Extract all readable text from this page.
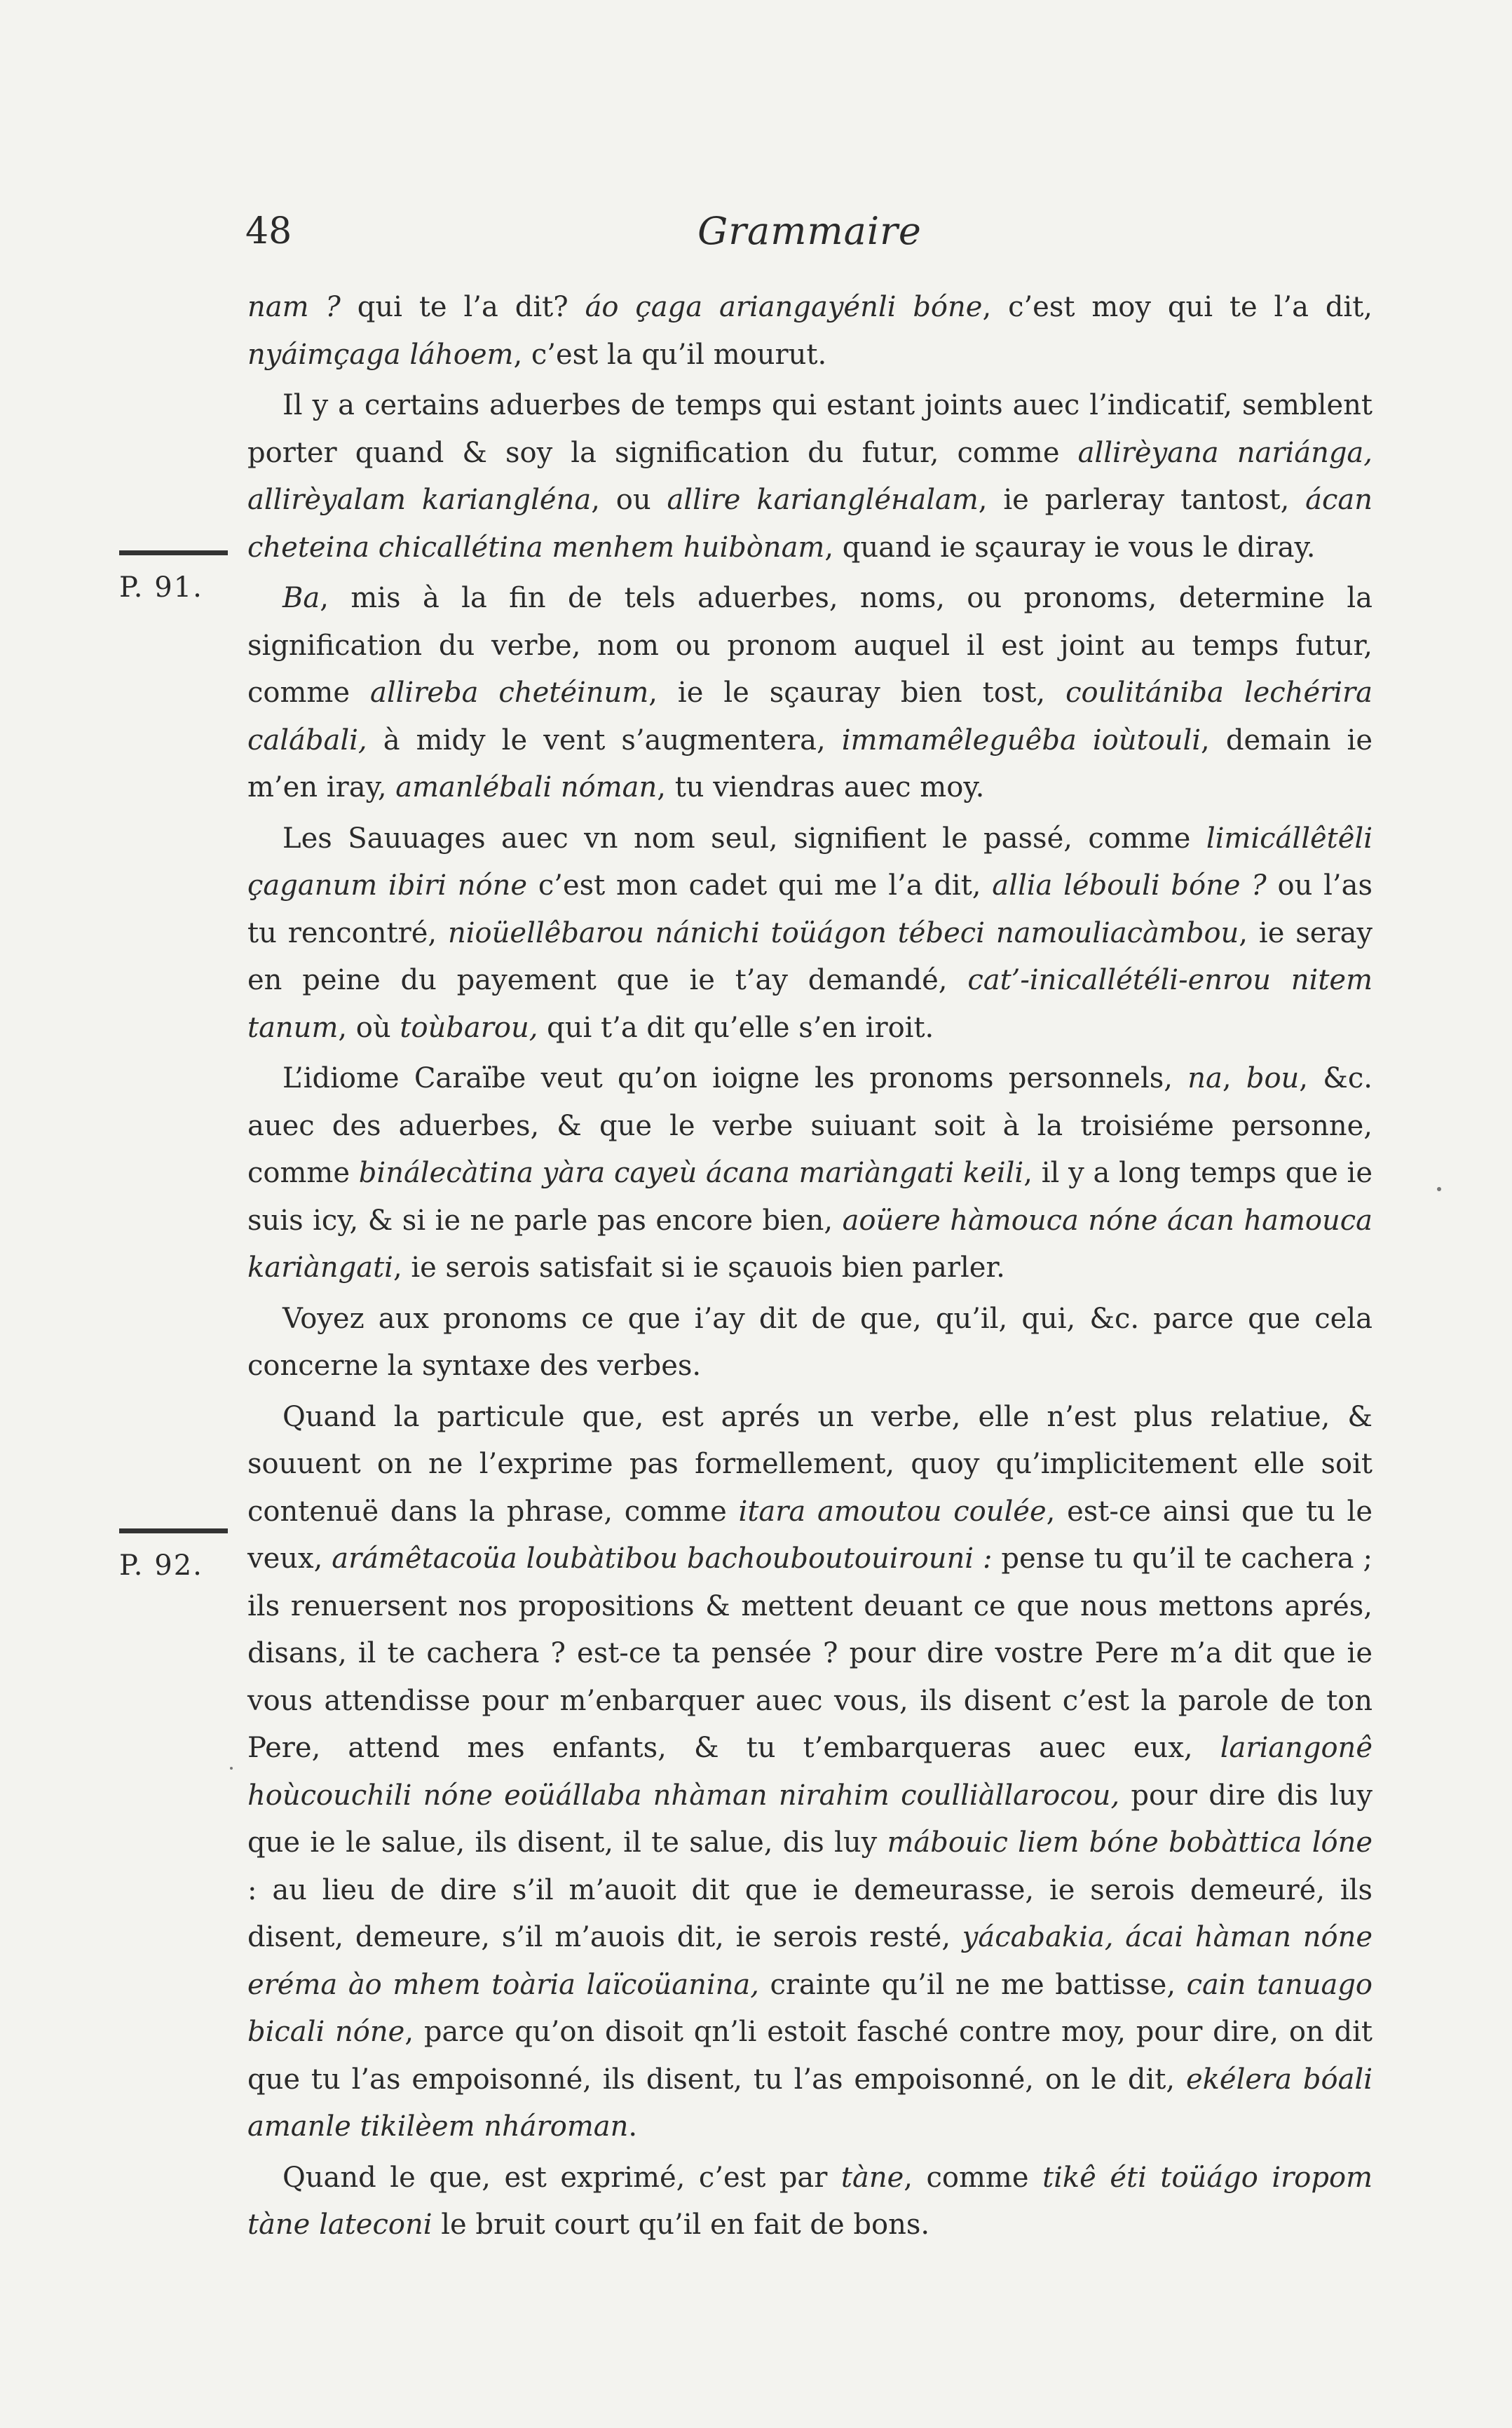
48	Grammaire
P. 91.
P. 92.

nam ? qui te l’a dit? áo çaga ariangayénli bóne, c’est moy qui te l’a dit, nyáimçaga láhoem, c’est la qu’il mourut.

Il y a certains aduerbes de temps qui estant joints auec l’indicatif, semblent porter quand & soy la signification du futur, comme allirèyana nariánga, allirèyalam kariangléna, ou allire kariangléнalam, ie parleray tantost, ácan cheteina chicallétina menhem huibònam, quand ie sçauray ie vous le diray.

Ba, mis à la fin de tels aduerbes, noms, ou pronoms, determine la signification du verbe, nom ou pronom auquel il est joint au temps futur, comme allireba chetéinum, ie le sçauray bien tost, coulitániba lechérira calábali, à midy le vent s’augmentera, immamêleguêba ioùtouli, demain ie m’en iray, amanlébali nóman, tu viendras auec moy.

Les Sauuages auec vn nom seul, signifient le passé, comme limicállêtêli çaganum ibiri nóne c’est mon cadet qui me l’a dit, allia lébouli bóne ? ou l’as tu rencontré, nioüellêbarou nánichi toüágon tébeci namouliacàmbou, ie seray en peine du payement que ie t’ay demandé, cat’-inicallétéli-enrou nitem tanum, où toùbarou, qui t’a dit qu’elle s’en iroit.

L’idiome Caraïbe veut qu’on ioigne les pronoms personnels, na, bou, &c. auec des aduerbes, & que le verbe suiuant soit à la troisiéme personne, comme binálecàtina yàra cayeù ácana mariàngati keili, il y a long temps que ie suis icy, & si ie ne parle pas encore bien, aoüere hàmouca nóne ácan hamouca kariàngati, ie serois satisfait si ie sçauois bien parler.

Voyez aux pronoms ce que i’ay dit de que, qu’il, qui, &c. parce que cela concerne la syntaxe des verbes.

Quand la particule que, est aprés un verbe, elle n’est plus relatiue, & souuent on ne l’exprime pas formellement, quoy qu’implicitement elle soit contenuë dans la phrase, comme itara amoutou coulée, est-ce ainsi que tu le veux, arámêtacoüa loubàtibou bachouboutouirouni : pense tu qu’il te cachera ; ils renuersent nos propositions & mettent deuant ce que nous mettons aprés, disans, il te cachera ? est-ce ta pensée ? pour dire vostre Pere m’a dit que ie vous attendisse pour m’enbarquer auec vous, ils disent c’est la parole de ton Pere, attend mes enfants, & tu t’embarqueras auec eux, lariangonê hoùcouchili nóne eoüállaba nhàman nirahim coulliàllarocou, pour dire dis luy que ie le salue, ils disent, il te salue, dis luy mábouic liem bóne bobàttica lóne : au lieu de dire s’il m’auoit dit que ie demeurasse, ie serois demeuré, ils disent, demeure, s’il m’auois dit, ie serois resté, yácabakia, ácai hàman nóne eréma ào mhem toària laïcoüanina, crainte qu’il ne me battisse, cain tanuago bicali nóne, parce qu’on disoit qn’li estoit fasché contre moy, pour dire, on dit que tu l’as empoisonné, ils disent, tu l’as empoisonné, on le dit, ekélera bóali amanle tikilèem nhároman.

Quand le que, est exprimé, c’est par tàne, comme tikê éti toüágo iropom tàne lateconi le bruit court qu’il en fait de bons.
